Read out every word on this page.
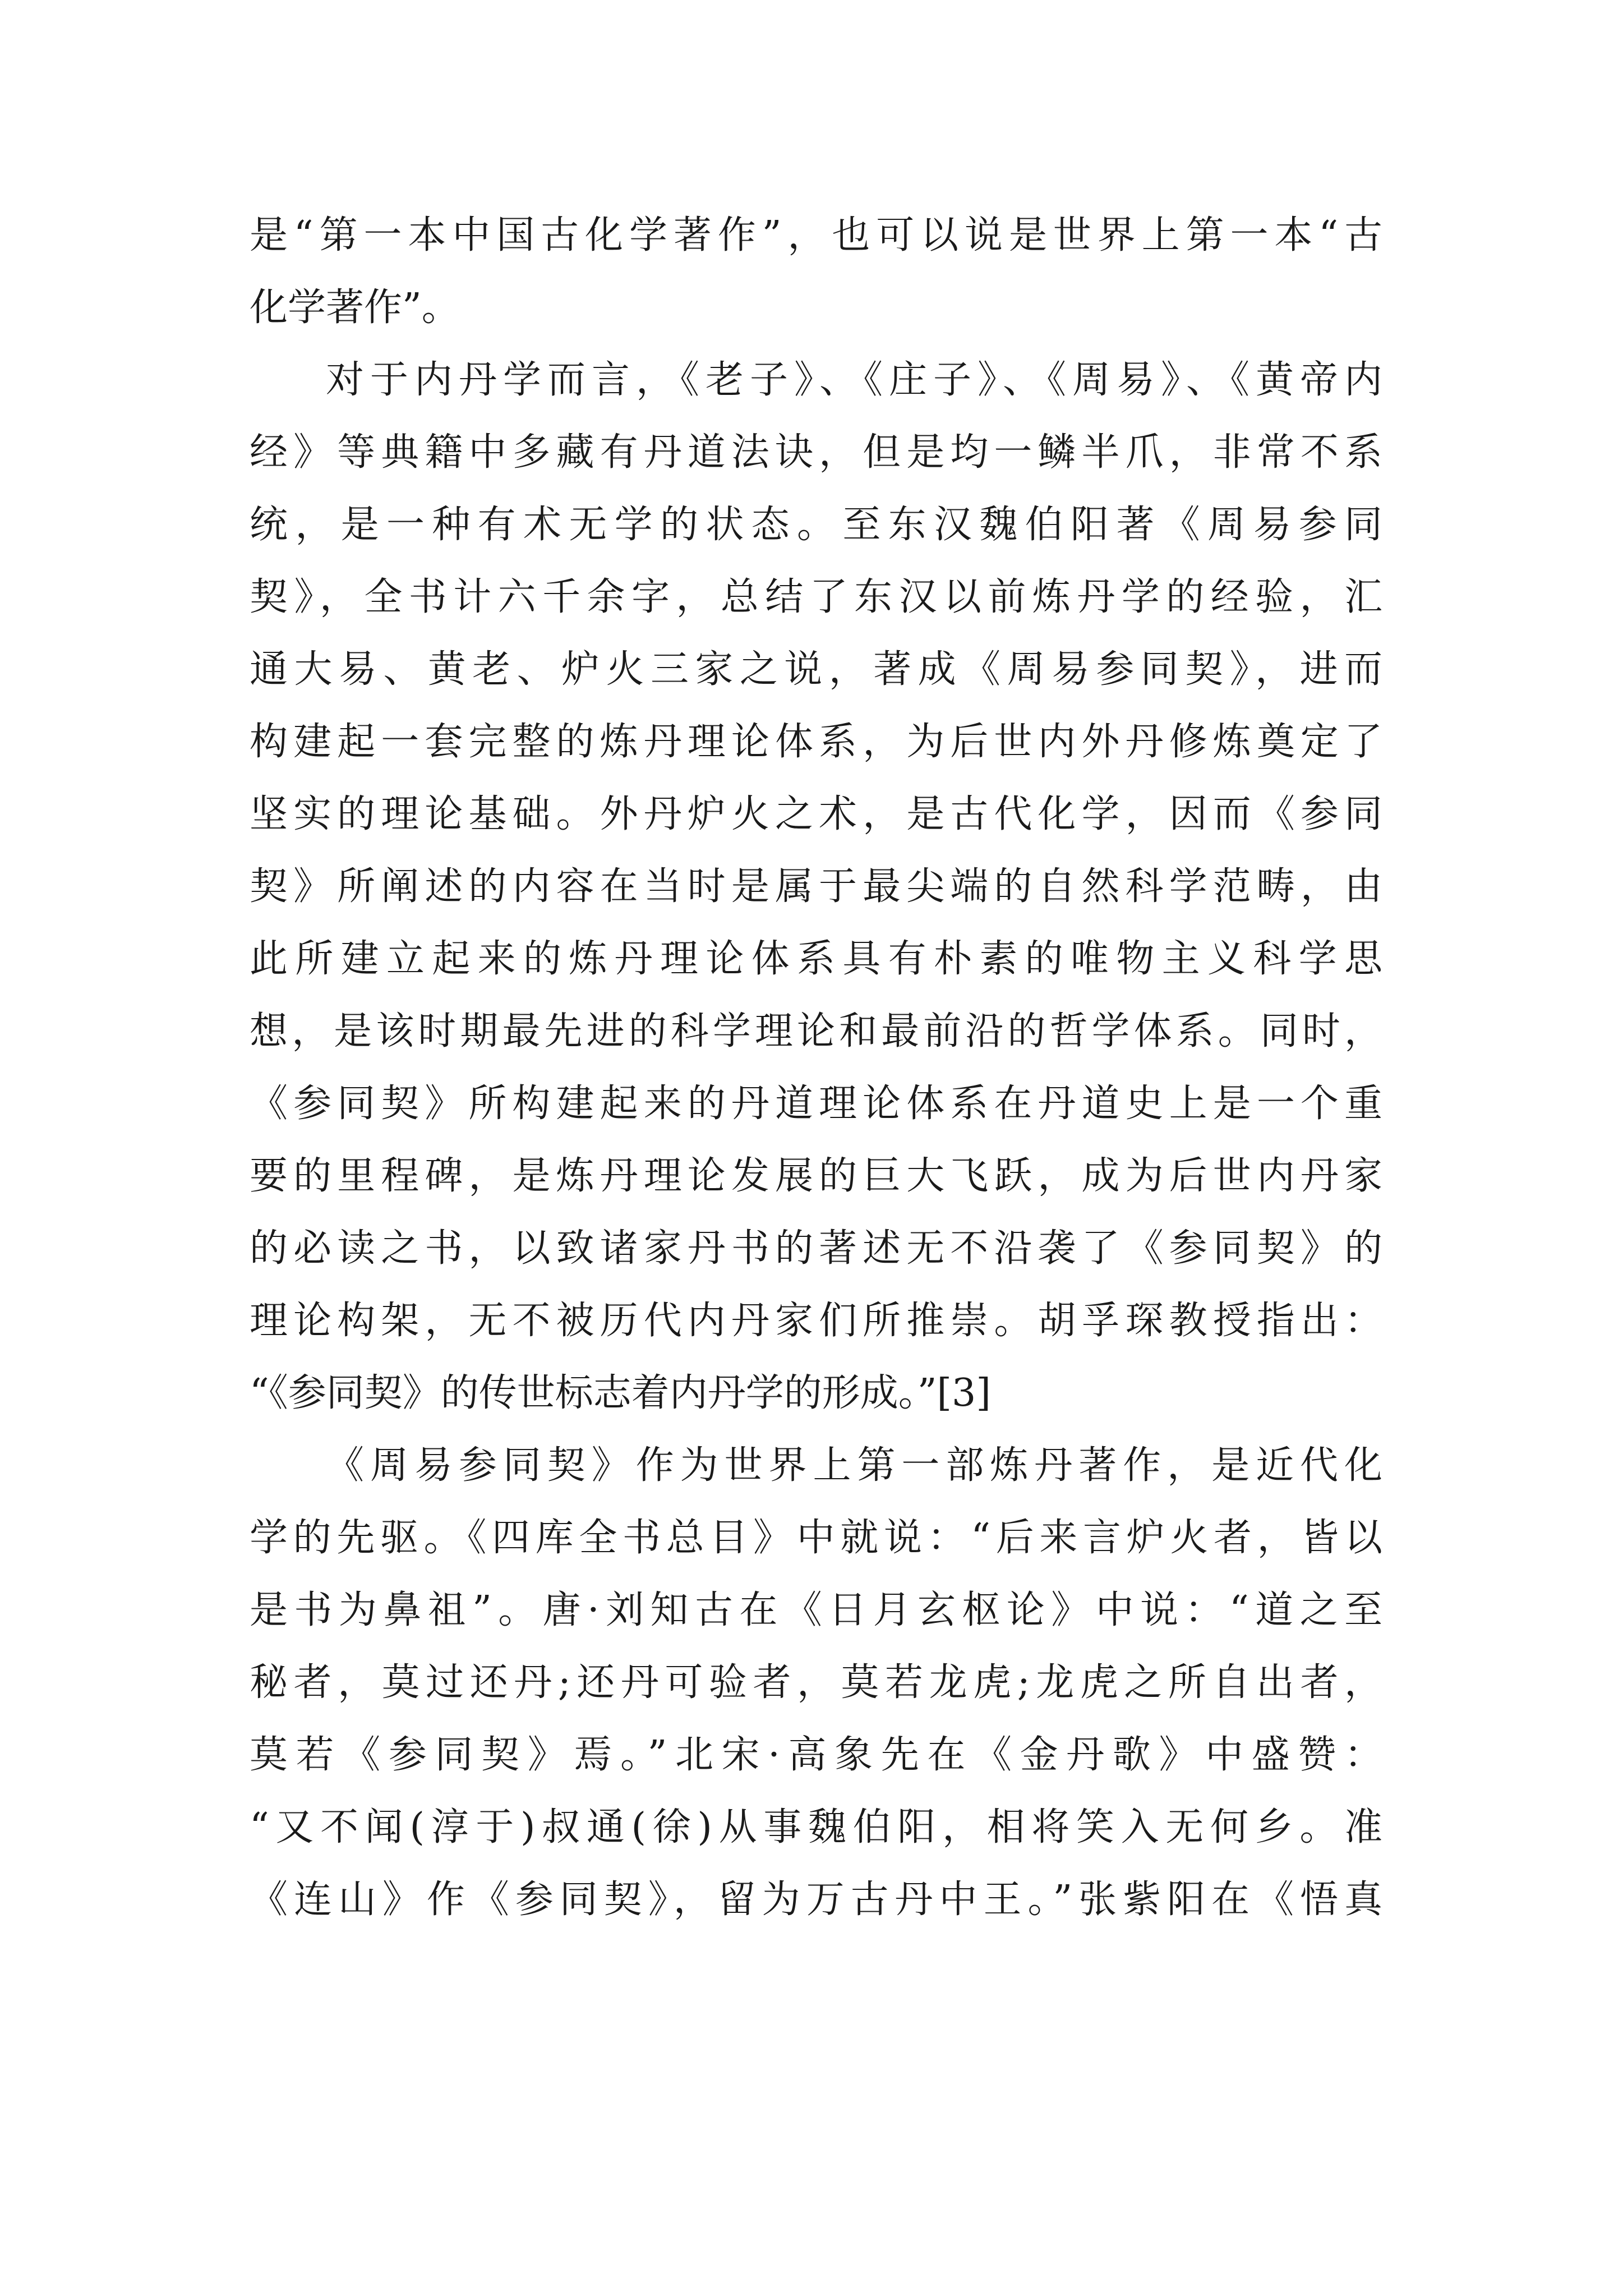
是“第一本中国古化学著作”，也可以说是世界上第一本“古
化学著作”。
对于内丹学而言，《老子》、《庄子》、《周易》、《黄帝内
经》等典籍中多藏有丹道法诀，但是均一鳞半爪，非常不系
统，是一种有术无学的状态。至东汉魏伯阳著《周易参同
契》，全书计六千余字，总结了东汉以前炼丹学的经验，汇
通大易、黄老、炉火三家之说，著成《周易参同契》，进而
构建起一套完整的炼丹理论体系，为后世内外丹修炼奠定了
坚实的理论基础。外丹炉火之术，是古代化学，因而《参同
契》所阐述的内容在当时是属于最尖端的自然科学范畴，由
此所建立起来的炼丹理论体系具有朴素的唯物主义科学思
想，是该时期最先进的科学理论和最前沿的哲学体系。同时，
《参同契》所构建起来的丹道理论体系在丹道史上是一个重
要的里程碑，是炼丹理论发展的巨大飞跃，成为后世内丹家
的必读之书，以致诸家丹书的著述无不沿袭了《参同契》的
理论构架，无不被历代内丹家们所推崇。胡孚琛教授指出：
“《参同契》的传世标志着内丹学的形成。”[3]
《周易参同契》作为世界上第一部炼丹著作，是近代化
学的先驱。《四库全书总目》中就说：“后来言炉火者，皆以
是书为鼻祖”。唐·刘知古在《日月玄枢论》中说：“道之至
秘者，莫过还丹;还丹可验者，莫若龙虎;龙虎之所自出者，
莫若《参同契》焉。”北宋·高象先在《金丹歌》中盛赞：
“又不闻(淳于)叔通(徐)从事魏伯阳，相将笑入无何乡。准
《连山》作《参同契》，留为万古丹中王。”张紫阳在《悟真
